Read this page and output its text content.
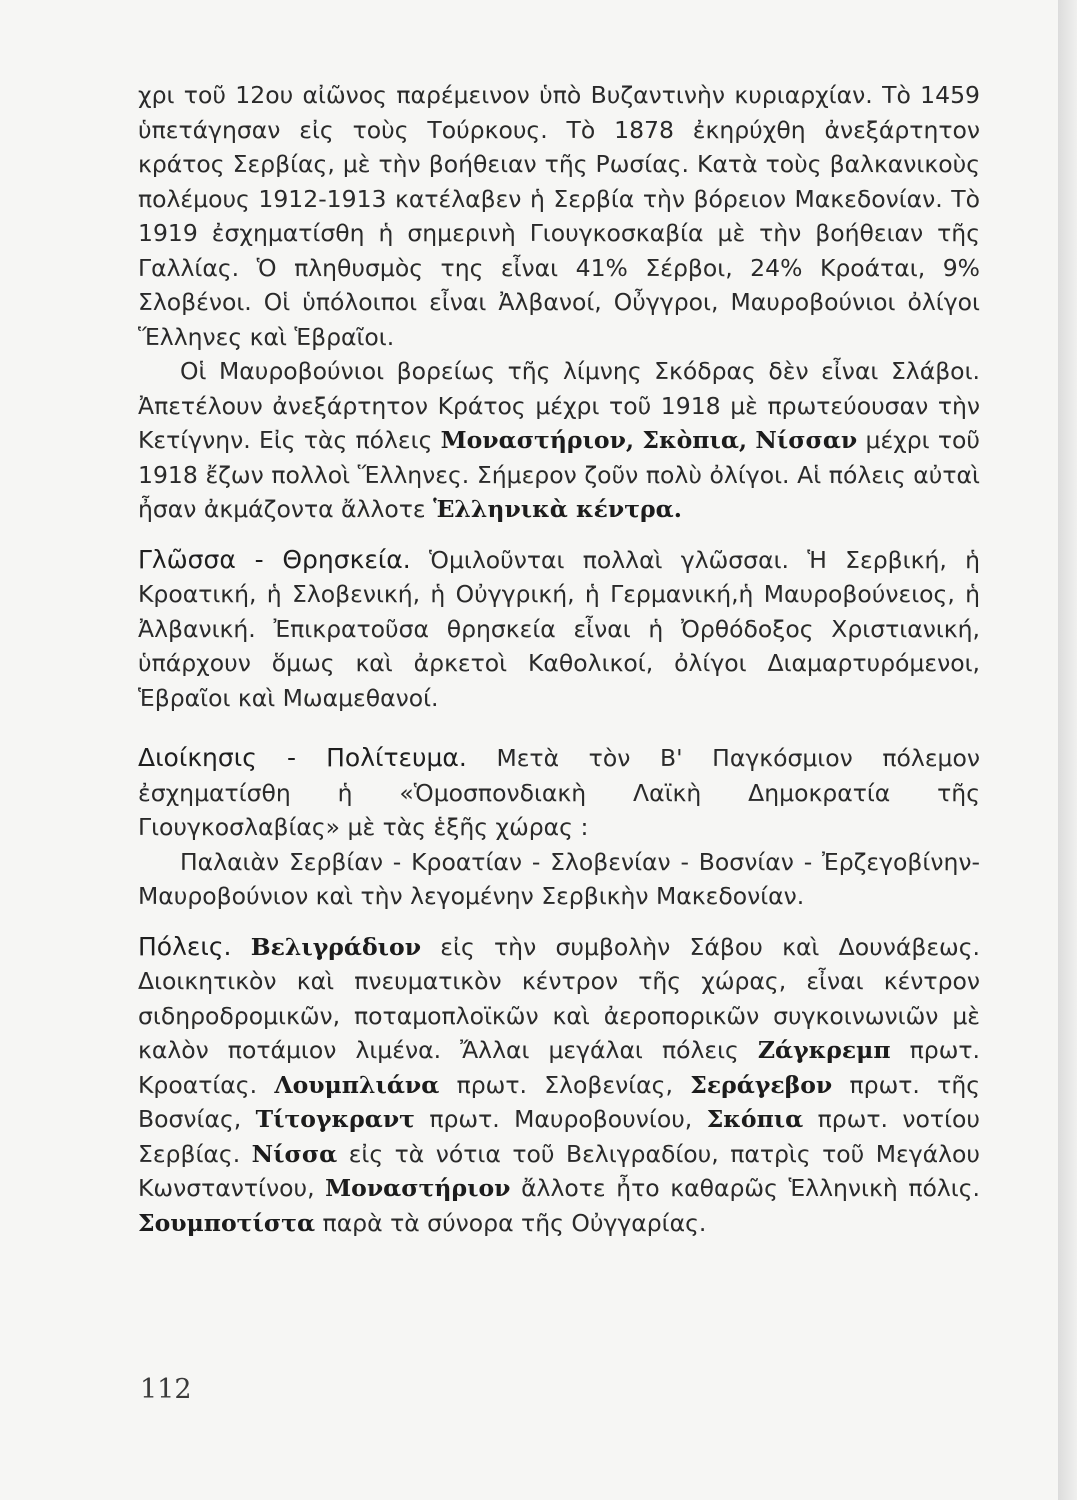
χρι τοῦ 12ου αἰῶνος παρέμεινον ὑπὸ Βυζαντινὴν κυριαρχίαν. Τὸ 1459 ὑπετάγησαν εἰς τοὺς Τούρκους. Τὸ 1878 ἐκηρύχθη ἀνεξάρτητον κράτος Σερβίας, μὲ τὴν βοήθειαν τῆς Ρωσίας. Κατὰ τοὺς βαλκανικοὺς πολέμους 1912-1913 κατέλαβεν ἡ Σερβία τὴν βόρειον Μακεδονίαν. Τὸ 1919 ἐσχηματίσθη ἡ σημερινὴ Γιουγκοσκαβία μὲ τὴν βοήθειαν τῆς Γαλλίας. Ὁ πληθυσμὸς της εἶναι 41% Σέρβοι, 24% Κροάται, 9% Σλοβένοι. Οἱ ὑπόλοιποι εἶναι Ἀλβανοί, Οὖγγροι, Μαυροβούνιοι ὀλίγοι Ἕλληνες καὶ Ἑβραῖοι.

Οἱ Μαυροβούνιοι βορείως τῆς λίμνης Σκόδρας δὲν εἶναι Σλάβοι. Ἀπετέλουν ἀνεξάρτητον Κράτος μέχρι τοῦ 1918 μὲ πρωτεύουσαν τὴν Κετίγνην. Εἰς τὰς πόλεις Μοναστήριον, Σκὸπια, Νίσσαν μέχρι τοῦ 1918 ἔζων πολλοὶ Ἕλληνες. Σήμερον ζοῦν πολὺ ὀλίγοι. Αἱ πόλεις αὐταὶ ἦσαν ἀκμάζοντα ἄλλοτε Ἑλληνικὰ κέντρα.

Γλῶσσα - Θρησκεία. Ὁμιλοῦνται πολλαὶ γλῶσσαι. Ἡ Σερβική, ἡ Κροατική, ἡ Σλοβενική, ἡ Οὐγγρική, ἡ Γερμανική,ἡ Μαυροβούνειος, ἡ Ἀλβανική. Ἐπικρατοῦσα θρησκεία εἶναι ἡ Ὀρθόδοξος Χριστιανική, ὑπάρχουν ὅμως καὶ ἀρκετοὶ Καθολικοί, ὀλίγοι Διαμαρτυρόμενοι, Ἑβραῖοι καὶ Μωαμεθανοί.

Διοίκησις - Πολίτευμα. Μετὰ τὸν Β' Παγκόσμιον πόλεμον ἐσχηματίσθη ἡ «Ὁμοσπονδιακὴ Λαϊκὴ Δημοκρατία τῆς Γιουγκοσλαβίας» μὲ τὰς ἑξῆς χώρας :

Παλαιὰν Σερβίαν - Κροατίαν - Σλοβενίαν - Βοσνίαν - Ἐρζεγοβίνην-Μαυροβούνιον καὶ τὴν λεγομένην Σερβικὴν Μακεδονίαν.

Πόλεις. Βελιγράδιον εἰς τὴν συμβολὴν Σάβου καὶ Δουνάβεως. Διοικητικὸν καὶ πνευματικὸν κέντρον τῆς χώρας, εἶναι κέντρον σιδηροδρομικῶν, ποταμοπλοϊκῶν καὶ ἀεροπορικῶν συγκοινωνιῶν μὲ καλὸν ποτάμιον λιμένα. Ἄλλαι μεγάλαι πόλεις Ζάγκρεμπ πρωτ. Κροατίας. Λουμπλιάνα πρωτ. Σλοβενίας, Σεράγεβον πρωτ. τῆς Βοσνίας, Τίτογκραντ πρωτ. Μαυροβουνίου, Σκόπια πρωτ. νοτίου Σερβίας. Νίσσα εἰς τὰ νότια τοῦ Βελιγραδίου, πατρὶς τοῦ Μεγάλου Κωνσταντίνου, Μοναστήριον ἄλλοτε ἦτο καθαρῶς Ἑλληνικὴ πόλις. Σουμποτίστα παρὰ τὰ σύνορα τῆς Οὐγγαρίας.

112
